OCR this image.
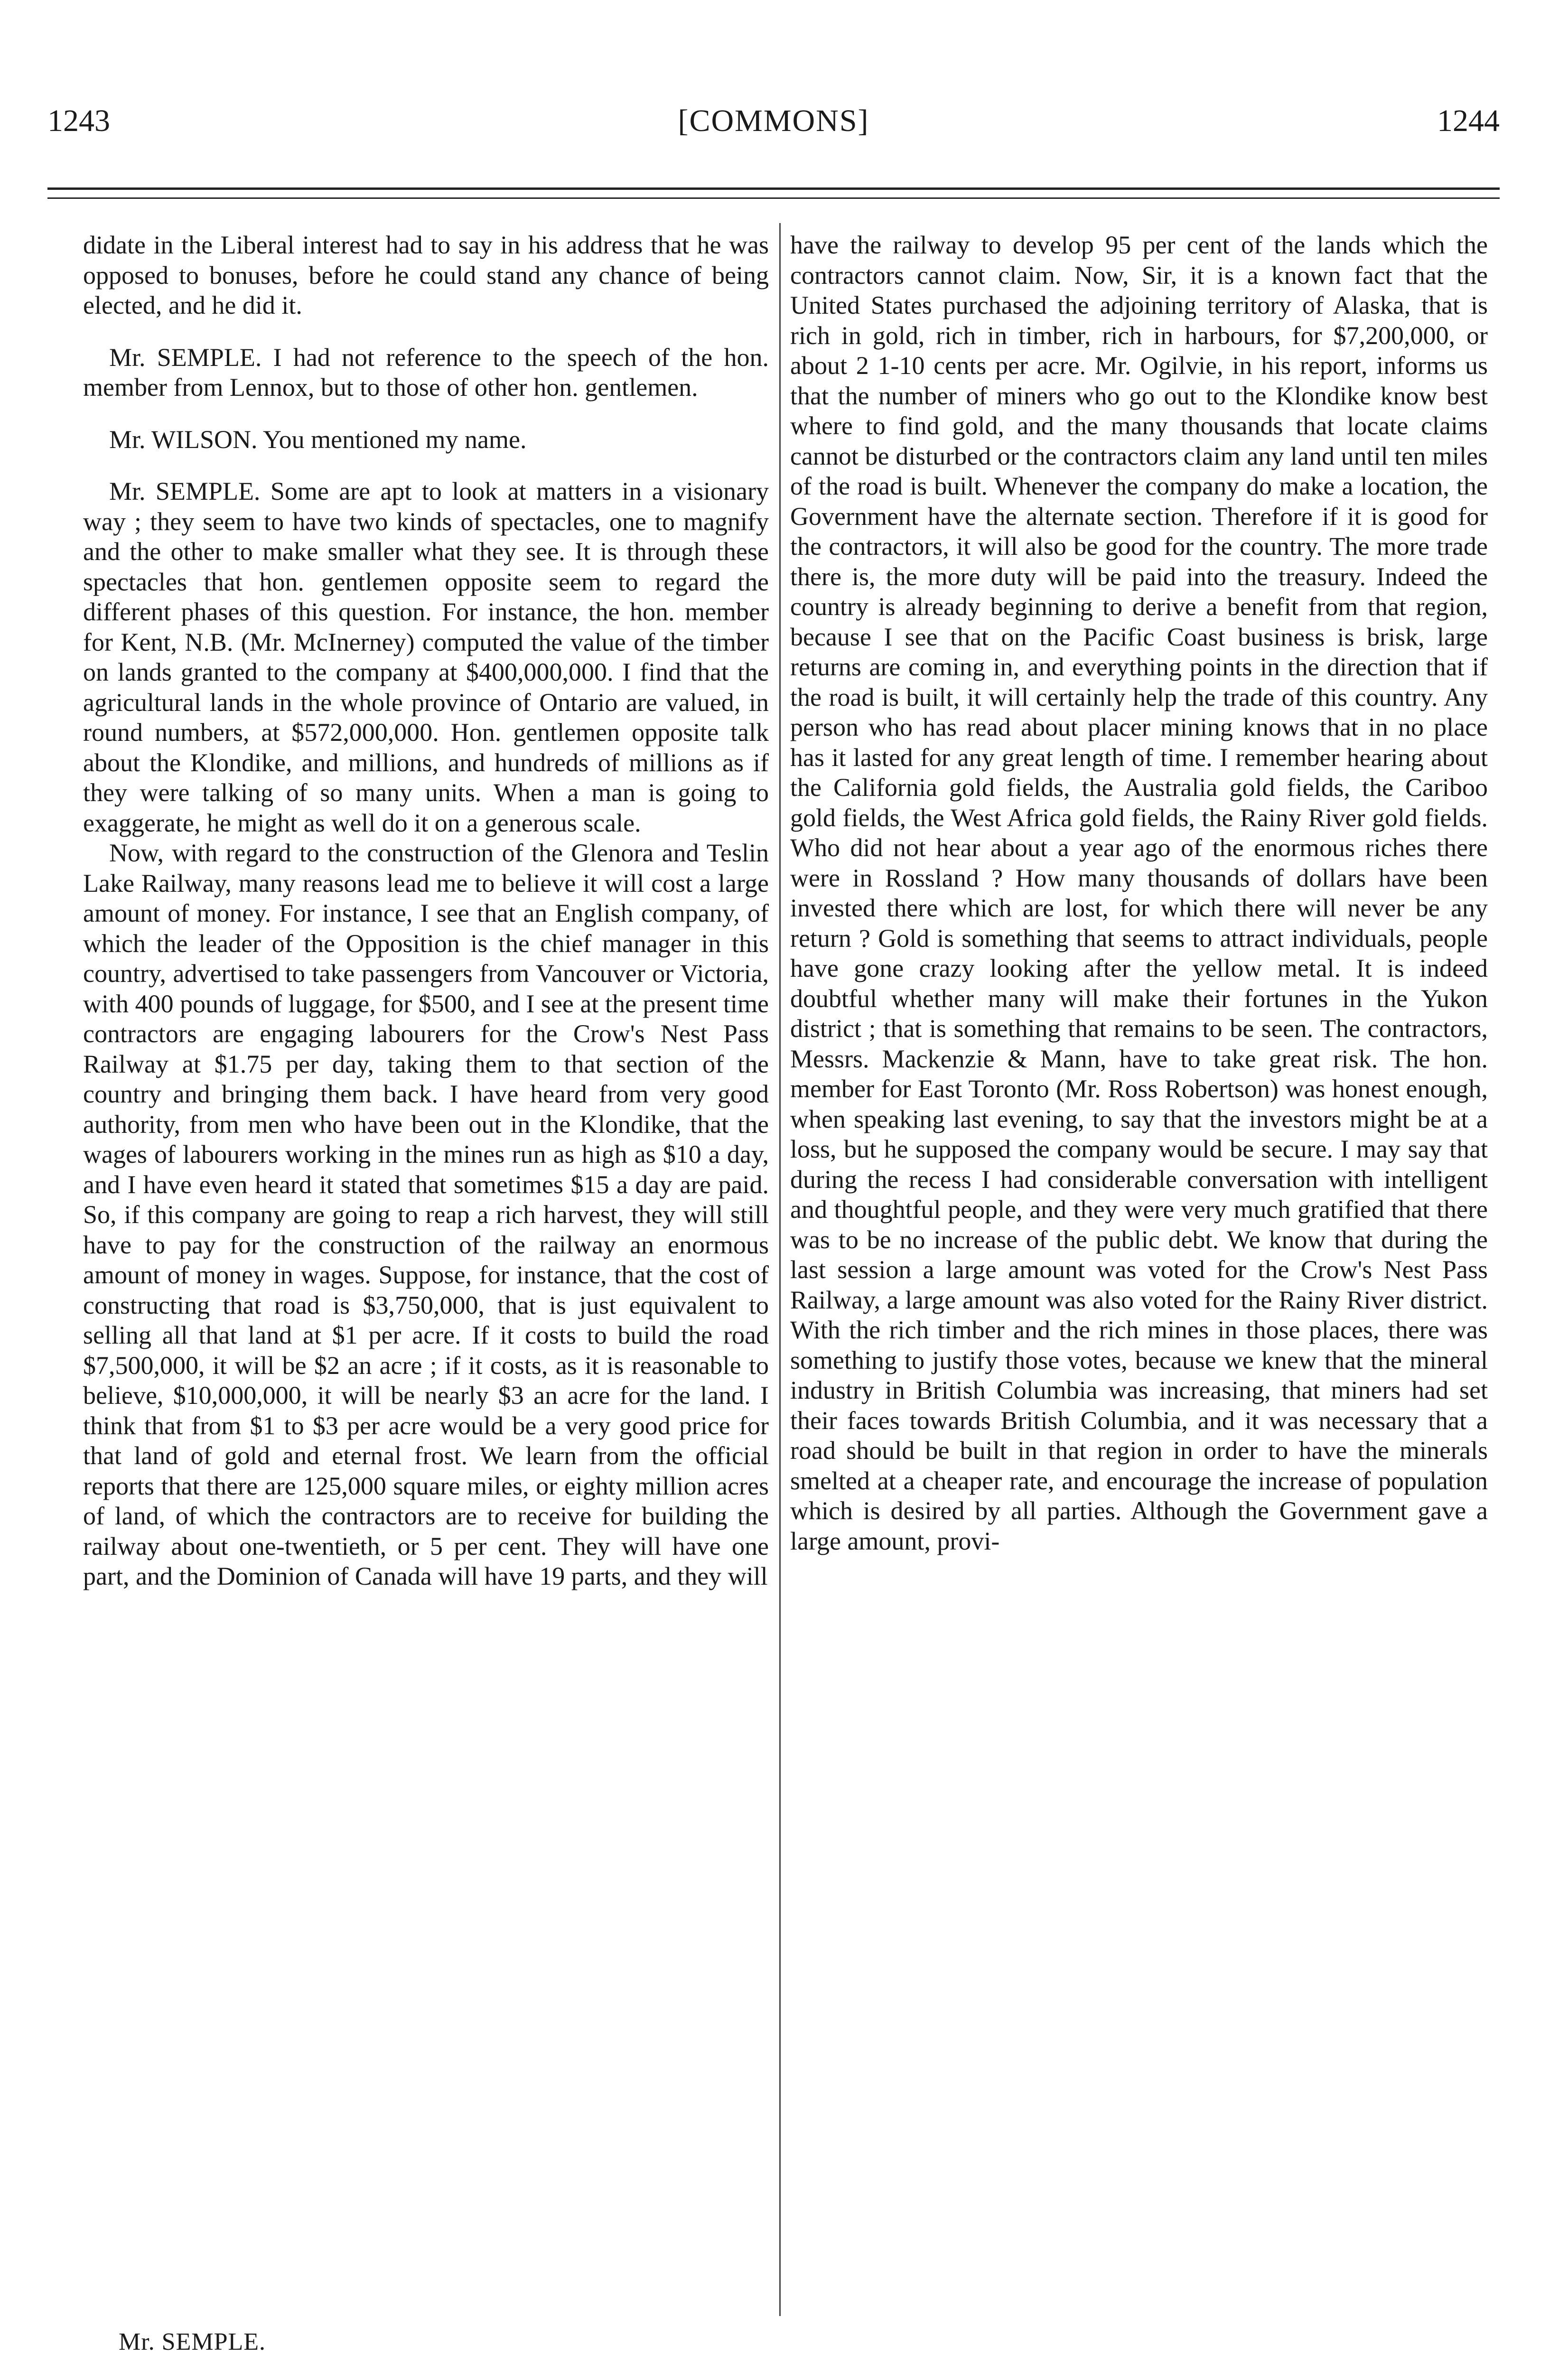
1243	[COMMONS]	1244

didate in the Liberal interest had to say in his address that he was opposed to bonuses, before he could stand any chance of being elected, and he did it.

Mr. SEMPLE. I had not reference to the speech of the hon. member from Lennox, but to those of other hon. gentlemen.

Mr. WILSON. You mentioned my name.

Mr. SEMPLE. Some are apt to look at matters in a visionary way ; they seem to have two kinds of spectacles, one to magnify and the other to make smaller what they see. It is through these spectacles that hon. gentlemen opposite seem to regard the different phases of this question. For instance, the hon. member for Kent, N.B. (Mr. McInerney) computed the value of the timber on lands granted to the company at $400,000,000. I find that the agricultural lands in the whole province of Ontario are valued, in round numbers, at $572,000,000. Hon. gentlemen opposite talk about the Klondike, and millions, and hundreds of millions as if they were talking of so many units. When a man is going to exaggerate, he might as well do it on a generous scale.

Now, with regard to the construction of the Glenora and Teslin Lake Railway, many reasons lead me to believe it will cost a large amount of money. For instance, I see that an English company, of which the leader of the Opposition is the chief manager in this country, advertised to take passengers from Vancouver or Victoria, with 400 pounds of luggage, for $500, and I see at the present time contractors are engaging labourers for the Crow's Nest Pass Railway at $1.75 per day, taking them to that section of the country and bringing them back. I have heard from very good authority, from men who have been out in the Klondike, that the wages of labourers working in the mines run as high as $10 a day, and I have even heard it stated that sometimes $15 a day are paid. So, if this company are going to reap a rich harvest, they will still have to pay for the construction of the railway an enormous amount of money in wages. Suppose, for instance, that the cost of constructing that road is $3,750,000, that is just equivalent to selling all that land at $1 per acre. If it costs to build the road $7,500,000, it will be $2 an acre ; if it costs, as it is reasonable to believe, $10,000,000, it will be nearly $3 an acre for the land. I think that from $1 to $3 per acre would be a very good price for that land of gold and eternal frost. We learn from the official reports that there are 125,000 square miles, or eighty million acres of land, of which the contractors are to receive for building the railway about one-twentieth, or 5 per cent. They will have one part, and the Dominion of Canada will have 19 parts, and they will

have the railway to develop 95 per cent of the lands which the contractors cannot claim. Now, Sir, it is a known fact that the United States purchased the adjoining territory of Alaska, that is rich in gold, rich in timber, rich in harbours, for $7,200,000, or about 2 1-10 cents per acre. Mr. Ogilvie, in his report, informs us that the number of miners who go out to the Klondike know best where to find gold, and the many thousands that locate claims cannot be disturbed or the contractors claim any land until ten miles of the road is built. Whenever the company do make a location, the Government have the alternate section. Therefore if it is good for the contractors, it will also be good for the country. The more trade there is, the more duty will be paid into the treasury. Indeed the country is already beginning to derive a benefit from that region, because I see that on the Pacific Coast business is brisk, large returns are coming in, and everything points in the direction that if the road is built, it will certainly help the trade of this country. Any person who has read about placer mining knows that in no place has it lasted for any great length of time. I remember hearing about the California gold fields, the Australia gold fields, the Cariboo gold fields, the West Africa gold fields, the Rainy River gold fields. Who did not hear about a year ago of the enormous riches there were in Rossland ? How many thousands of dollars have been invested there which are lost, for which there will never be any return ? Gold is something that seems to attract individuals, people have gone crazy looking after the yellow metal. It is indeed doubtful whether many will make their fortunes in the Yukon district ; that is something that remains to be seen. The contractors, Messrs. Mackenzie & Mann, have to take great risk. The hon. member for East Toronto (Mr. Ross Robertson) was honest enough, when speaking last evening, to say that the investors might be at a loss, but he supposed the company would be secure. I may say that during the recess I had considerable conversation with intelligent and thoughtful people, and they were very much gratified that there was to be no increase of the public debt. We know that during the last session a large amount was voted for the Crow's Nest Pass Railway, a large amount was also voted for the Rainy River district. With the rich timber and the rich mines in those places, there was something to justify those votes, because we knew that the mineral industry in British Columbia was increasing, that miners had set their faces towards British Columbia, and it was necessary that a road should be built in that region in order to have the minerals smelted at a cheaper rate, and encourage the increase of population which is desired by all parties. Although the Government gave a large amount, provi-

Mr. SEMPLE.
